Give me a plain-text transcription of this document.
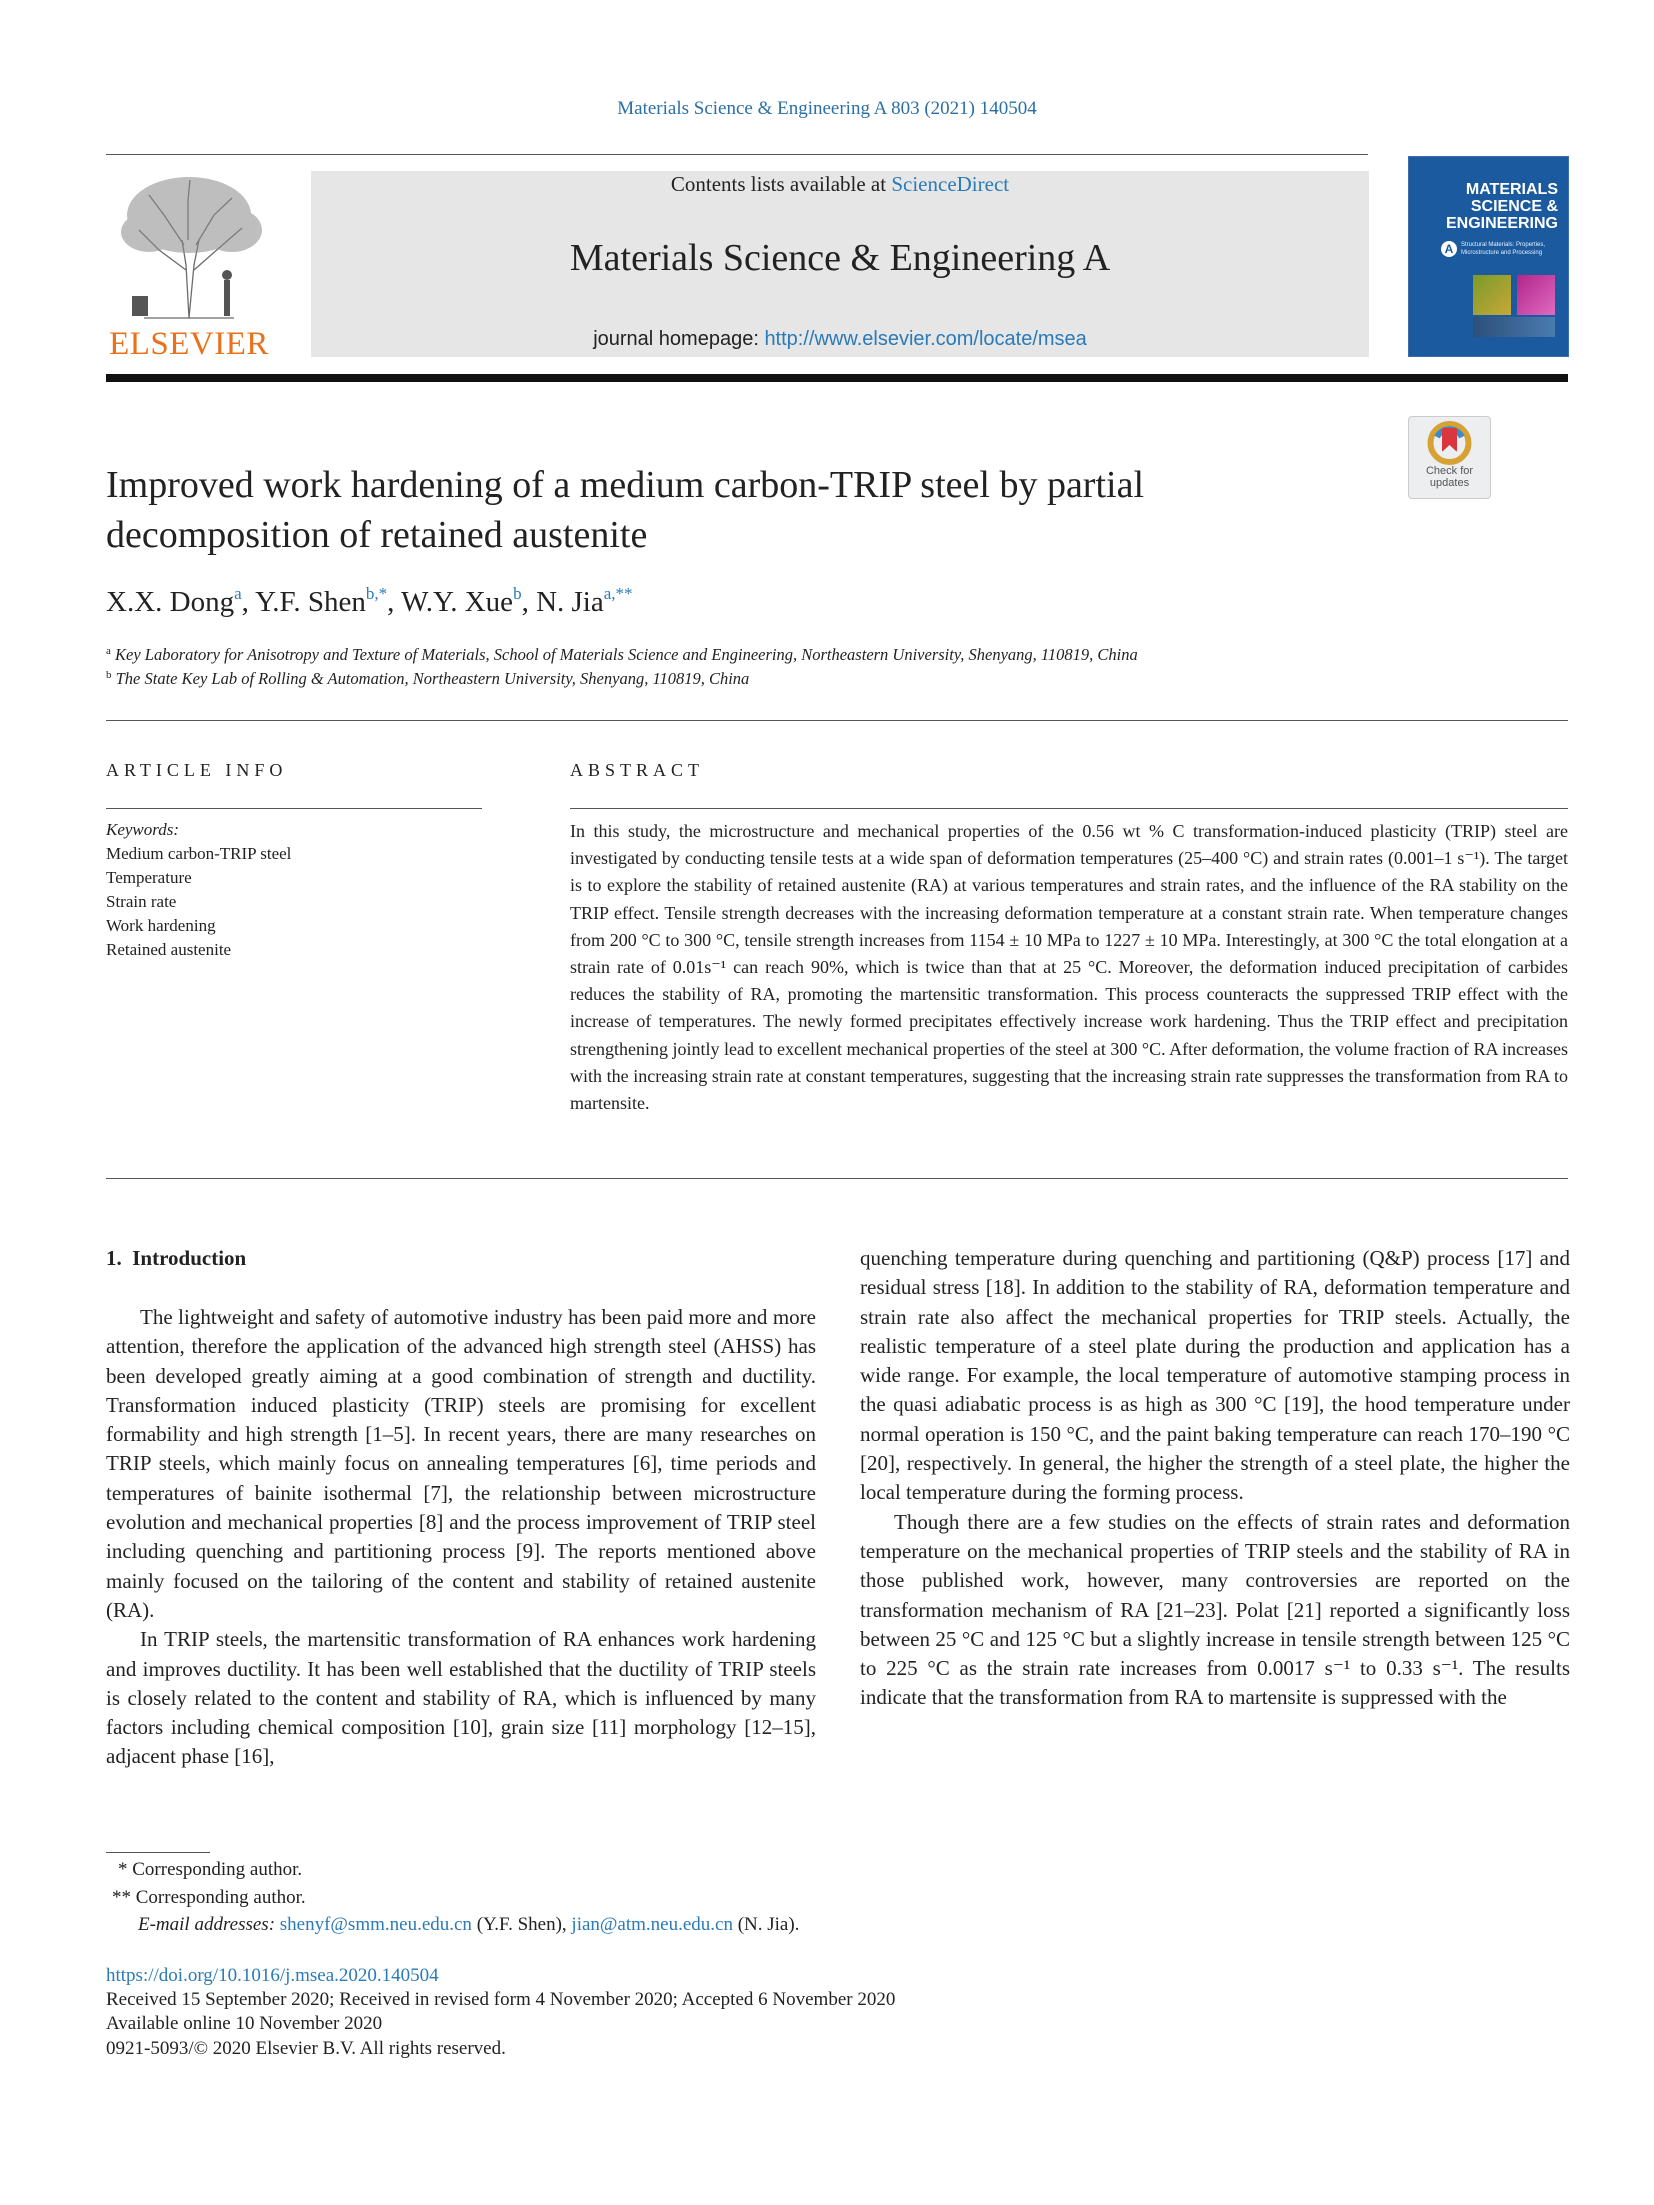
Materials Science & Engineering A 803 (2021) 140504
ELSEVIER
Contents lists available at ScienceDirect
Materials Science & Engineering A
journal homepage: http://www.elsevier.com/locate/msea
MATERIALS SCIENCE & ENGINEERING
A	Structural Materials: Properties, Microstructure and Processing
Check for updates
Improved work hardening of a medium carbon-TRIP steel by partial decomposition of retained austenite
X.X. Dong$^a$, Y.F. Shen$^{b,*}$, W.Y. Xue$^b$, N. Jia$^{a,**}$
$^a$ Key Laboratory for Anisotropy and Texture of Materials, School of Materials Science and Engineering, Northeastern University, Shenyang, 110819, China
$^b$ The State Key Lab of Rolling & Automation, Northeastern University, Shenyang, 110819, China
ARTICLE INFO	ABSTRACT
Keywords:
Medium carbon-TRIP steel
Temperature
Strain rate
Work hardening
Retained austenite
In this study, the microstructure and mechanical properties of the 0.56 wt % C transformation-induced plasticity (TRIP) steel are investigated by conducting tensile tests at a wide span of deformation temperatures (25–400 °C) and strain rates (0.001–1 s⁻¹). The target is to explore the stability of retained austenite (RA) at various temperatures and strain rates, and the influence of the RA stability on the TRIP effect. Tensile strength decreases with the increasing deformation temperature at a constant strain rate. When temperature changes from 200 °C to 300 °C, tensile strength increases from 1154 ± 10 MPa to 1227 ± 10 MPa. Interestingly, at 300 °C the total elongation at a strain rate of 0.01s⁻¹ can reach 90%, which is twice than that at 25 °C. Moreover, the deformation induced precipitation of carbides reduces the stability of RA, promoting the martensitic transformation. This process counteracts the suppressed TRIP effect with the increase of temperatures. The newly formed precipitates effectively increase work hardening. Thus the TRIP effect and precipitation strengthening jointly lead to excellent mechanical properties of the steel at 300 °C. After deformation, the volume fraction of RA increases with the increasing strain rate at constant temperatures, suggesting that the increasing strain rate suppresses the transformation from RA to martensite.
1. Introduction

The lightweight and safety of automotive industry has been paid more and more attention, therefore the application of the advanced high strength steel (AHSS) has been developed greatly aiming at a good combination of strength and ductility. Transformation induced plasticity (TRIP) steels are promising for excellent formability and high strength [1–5]. In recent years, there are many researches on TRIP steels, which mainly focus on annealing temperatures [6], time periods and temperatures of bainite isothermal [7], the relationship between microstructure evolution and mechanical properties [8] and the process improvement of TRIP steel including quenching and partitioning process [9]. The reports mentioned above mainly focused on the tailoring of the content and stability of retained austenite (RA).

In TRIP steels, the martensitic transformation of RA enhances work hardening and improves ductility. It has been well established that the ductility of TRIP steels is closely related to the content and stability of RA, which is influenced by many factors including chemical composition [10], grain size [11] morphology [12–15], adjacent phase [16],

quenching temperature during quenching and partitioning (Q&P) process [17] and residual stress [18]. In addition to the stability of RA, deformation temperature and strain rate also affect the mechanical properties for TRIP steels. Actually, the realistic temperature of a steel plate during the production and application has a wide range. For example, the local temperature of automotive stamping process in the quasi adiabatic process is as high as 300 °C [19], the hood temperature under normal operation is 150 °C, and the paint baking temperature can reach 170–190 °C [20], respectively. In general, the higher the strength of a steel plate, the higher the local temperature during the forming process.

Though there are a few studies on the effects of strain rates and deformation temperature on the mechanical properties of TRIP steels and the stability of RA in those published work, however, many controversies are reported on the transformation mechanism of RA [21–23]. Polat [21] reported a significantly loss between 25 °C and 125 °C but a slightly increase in tensile strength between 125 °C to 225 °C as the strain rate increases from 0.0017 s⁻¹ to 0.33 s⁻¹. The results indicate that the transformation from RA to martensite is suppressed with the

* Corresponding author.
** Corresponding author.
E-mail addresses: shenyf@smm.neu.edu.cn (Y.F. Shen), jian@atm.neu.edu.cn (N. Jia).
https://doi.org/10.1016/j.msea.2020.140504
Received 15 September 2020; Received in revised form 4 November 2020; Accepted 6 November 2020
Available online 10 November 2020
0921-5093/© 2020 Elsevier B.V. All rights reserved.
